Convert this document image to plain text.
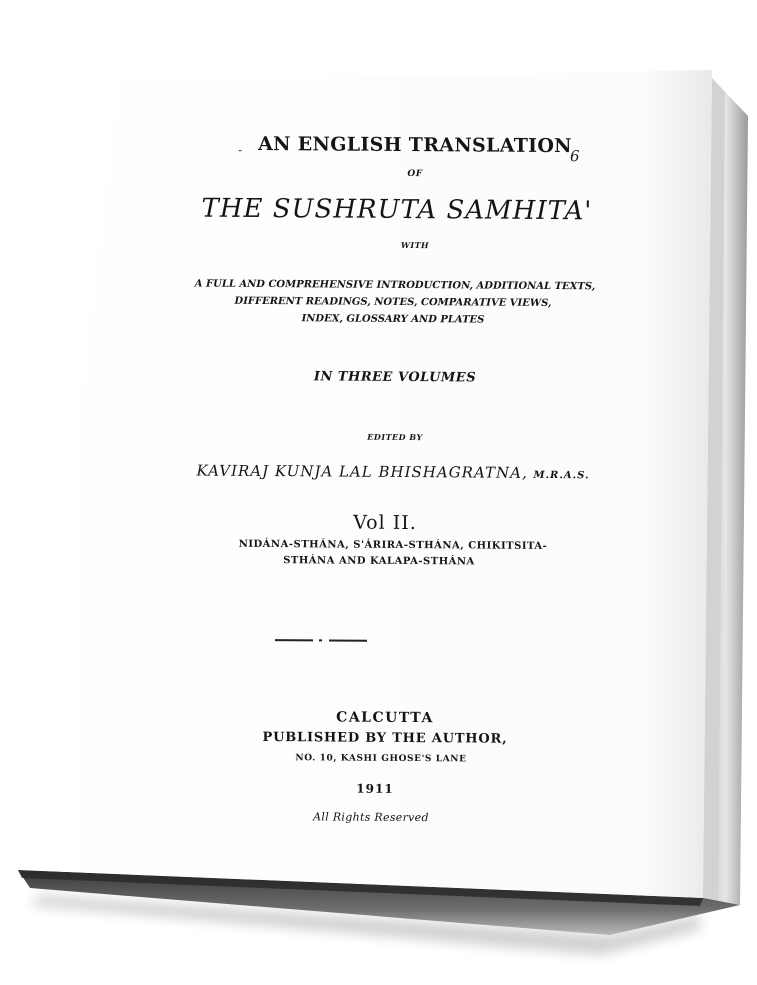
- AN ENGLISH TRANSLATION
6
OF
THE SUSHRUTA SAMHITA'
WITH
A FULL AND COMPREHENSIVE INTRODUCTION, ADDITIONAL TEXTS,
DIFFERENT READINGS, NOTES, COMPARATIVE VIEWS,
INDEX, GLOSSARY AND PLATES
IN THREE VOLUMES
EDITED BY
KAVIRAJ KUNJA LAL BHISHAGRATNA, M.R.A.S.
Vol II.
NIDÁNA-STHÁNA, S'ÁRIRA-STHÁNA, CHIKITSITA-
STHÁNA AND KALAPA-STHÁNA
CALCUTTA
PUBLISHED BY THE AUTHOR,
NO. 10, KASHI GHOSE'S LANE
1911
All Rights Reserved
